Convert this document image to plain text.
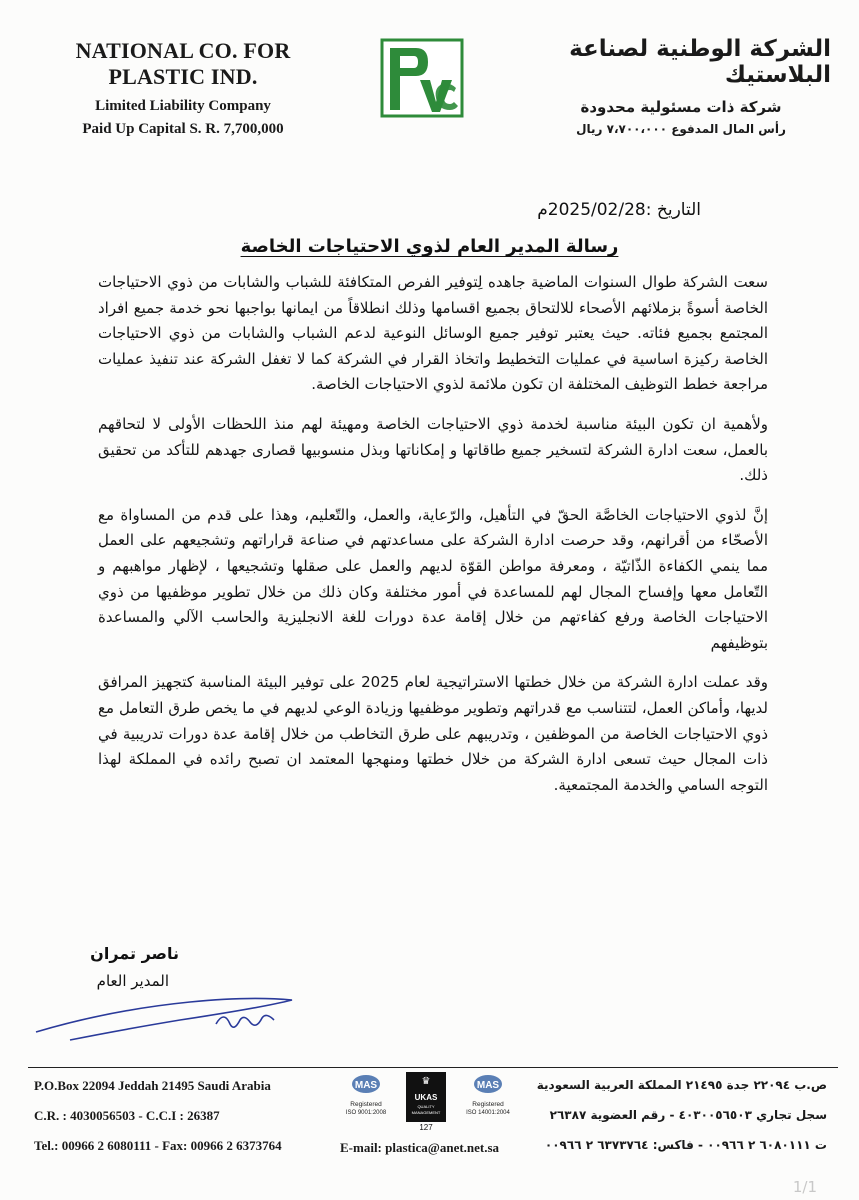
NATIONAL CO. FOR PLASTIC IND.
Limited Liability Company
Paid Up Capital S. R. 7,700,000
الشركة الوطنية لصناعة البلاستيك
شركة ذات مسئولية محدودة
رأس المال المدفوع ٧،٧٠٠،٠٠٠ ريال
التاريخ :2025/02/28م
رسالة المدير العام لذوي الاحتياجات الخاصة

سعت الشركة طوال السنوات الماضية جاهده لِتوفير الفرص المتكافئة للشباب والشابات من ذوي الاحتياجات الخاصة أسوةً بزملائهم الأصحاء للالتحاق بجميع اقسامها وذلك انطلاقاً من ايمانها بواجبها نحو خدمة جميع افراد المجتمع بجميع فئاته. حيث يعتبر توفير جميع الوسائل النوعية لدعم الشباب والشابات من ذوي الاحتياجات الخاصة ركيزة اساسية في عمليات التخطيط واتخاذ القرار في الشركة كما لا تغفل الشركة عند تنفيذ عمليات مراجعة خطط التوظيف المختلفة ان تكون ملائمة لذوي الاحتياجات الخاصة.

ولأهمية ان تكون البيئة مناسبة لخدمة ذوي الاحتياجات الخاصة ومهيئة لهم منذ اللحظات الأولى لا لتحاقهم بالعمل، سعت ادارة الشركة لتسخير جميع طاقاتها و إمكاناتها وبذل منسوبيها قصارى جهدهم للتأكد من تحقيق ذلك.

إنَّ لذوي الاحتياجات الخاصَّة الحقّ في التأهيل، والرّعاية، والعمل، والتّعليم، وهذا على قدم من المساواة مع الأصحّاء من أقرانهم، وقد حرصت ادارة الشركة على مساعدتهم في صناعة قراراتهم وتشجيعهم على العمل مما ينمي الكفاءة الذّاتيّة ، ومعرفة مواطن القوّة لديهم والعمل على صقلها وتشجيعها ، لإظهار مواهبهم و التّعامل معها وإفساح المجال لهم للمساعدة في أمور مختلفة وكان ذلك من خلال تطوير موظفيها من ذوي الاحتياجات الخاصة ورفع كفاءتهم من خلال إقامة عدة دورات للغة الانجليزية والحاسب الآلي والمساعدة بتوظيفهم

وقد عملت ادارة الشركة من خلال خطتها الاستراتيجية لعام 2025 على توفير البيئة المناسبة كتجهيز المرافق لديها، وأماكن العمل، لتتناسب مع قدراتهم وتطوير موظفيها وزيادة الوعي لديهم في ما يخص طرق التعامل مع ذوي الاحتياجات الخاصة من الموظفين ، وتدريبهم على طرق التخاطب من خلال إقامة عدة دورات تدريبية في ذات المجال حيث تسعى ادارة الشركة من خلال خطتها ومنهجها المعتمد ان تصبح رائده في المملكة لهذا التوجه السامي والخدمة المجتمعية.

ناصر تمران
المدير العام
P.O.Box 22094 Jeddah 21495 Saudi Arabia
C.R. : 4030056503 - C.C.I : 26387
Tel.: 00966 2 6080111 - Fax: 00966 2 6373764
MAS
Registered
ISO 9001:2008
♛
UKAS
QUALITY
MANAGEMENT
127
MAS
Registered
ISO 14001:2004
E-mail: plastica@anet.net.sa
ص.ب ٢٢٠٩٤ جدة ٢١٤٩٥ المملكة العربية السعودية
سجل تجاري ٤٠٣٠٠٥٦٥٠٣ - رقم العضوية ٢٦٣٨٧
ت ٦٠٨٠١١١ ٢ ٠٠٩٦٦ - فاكس: ٦٣٧٣٧٦٤ ٢ ٠٠٩٦٦
1/1
